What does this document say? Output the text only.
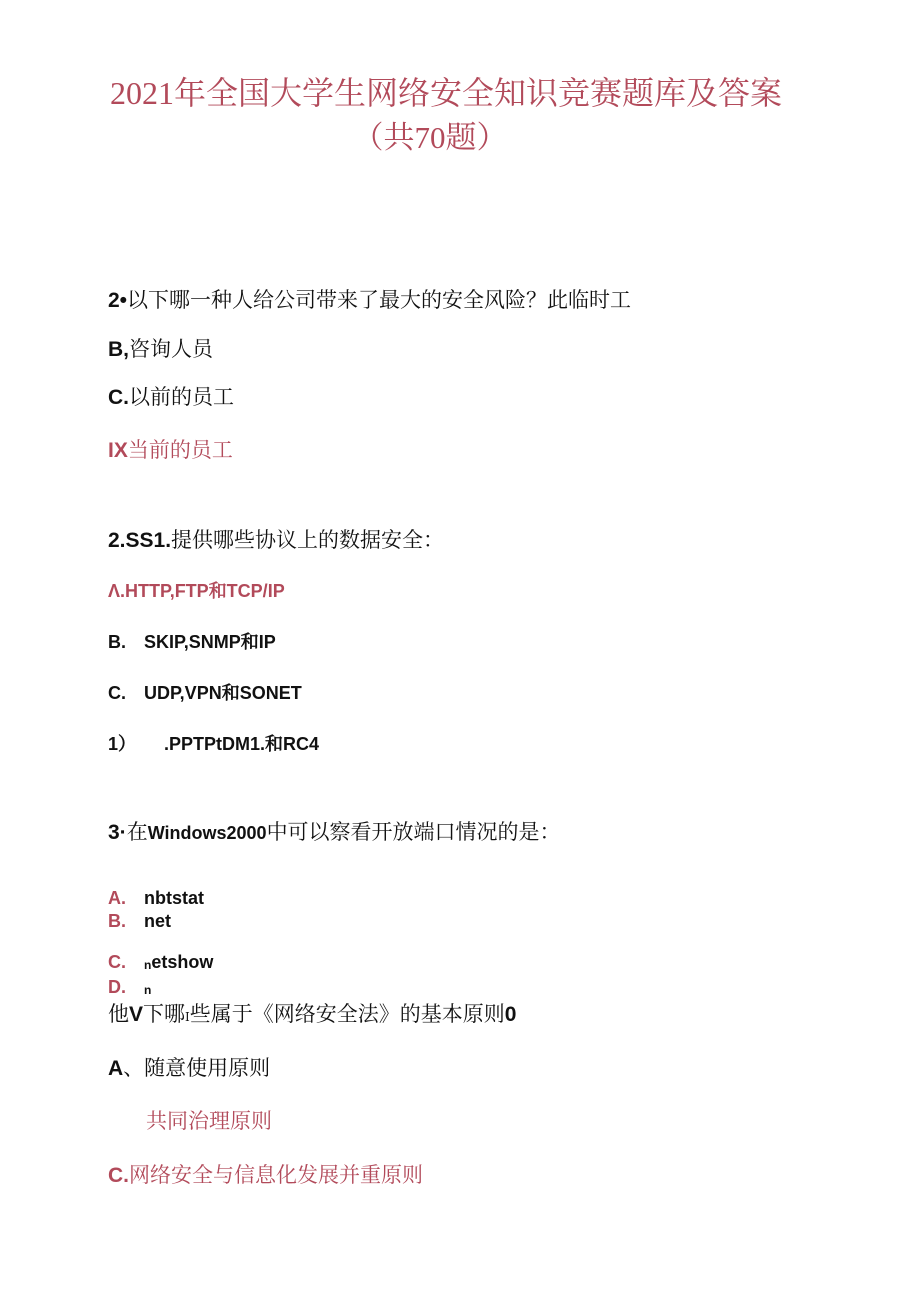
2021年全国大学生网络安全知识竞赛题库及答案
（共70题）

2•以下哪一种人给公司带来了最大的安全风险？此临时工

B,咨询人员

C.以前的员工

IX当前的员工

2.SS1.提供哪些协议上的数据安全：

Λ.HTTP,FTP和TCP/IP

B. SKIP,SNMP和IP

C. UDP,VPN和SONET

1） .PPTPtDM1.和RC4

3·在Windows2000中可以察看开放端口情况的是：

A. nbtstat

B. net

C. $^n$etshow

D. $^n$

他V下哪$^I$些属于《网络安全法》的基本原则0

A、随意使用原则

共同治理原则

C.网络安全与信息化发展并重原则
